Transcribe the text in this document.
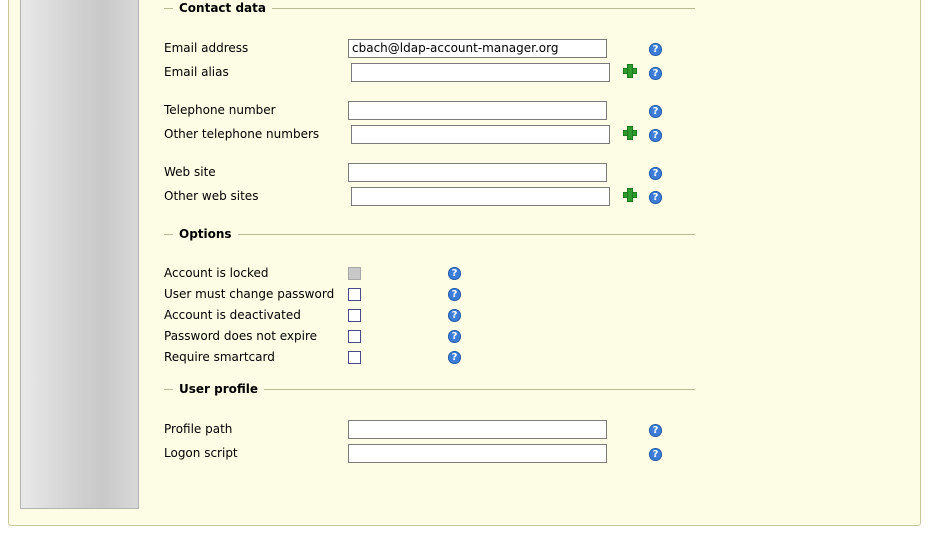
Contact data
Email address	cbach@ldap-account-manager.org		?
Email alias			?

Telephone number			?
Other telephone numbers			?

Web site			?
Other web sites			?
Options
Account is locked		?
User must change password		?
Account is deactivated		?
Password does not expire		?
Require smartcard		?
User profile
Profile path			?
Logon script			?
